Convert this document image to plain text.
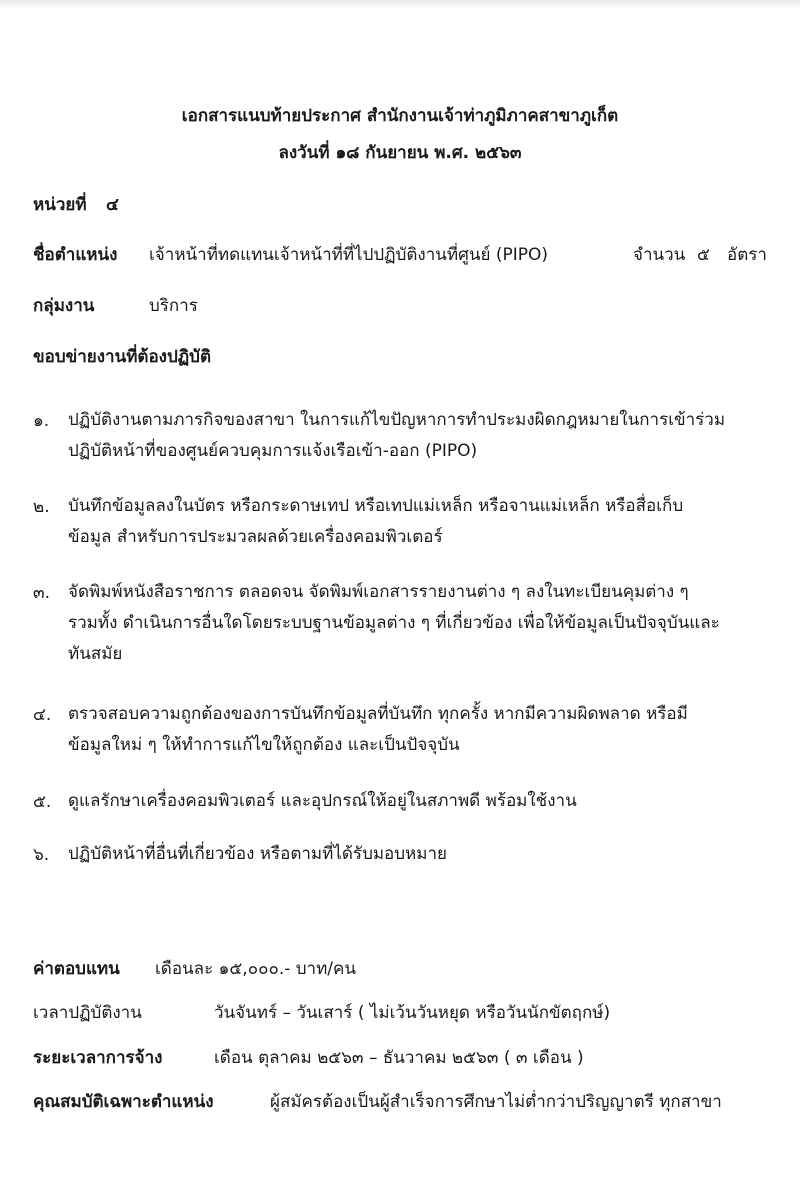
เอกสารแนบท้ายประกาศ สำนักงานเจ้าท่าภูมิภาคสาขาภูเก็ต
ลงวันที่ ๑๘ กันยายน พ.ศ. ๒๕๖๓
หน่วยที่ ๔
ชื่อตำแหน่ง เจ้าหน้าที่ทดแทนเจ้าหน้าที่ที่ไปปฏิบัติงานที่ศูนย์ (PIPO)	จำนวน ๕ อัตรา
กลุ่มงาน	บริการ
ขอบข่ายงานที่ต้องปฏิบัติ
๑. ปฏิบัติงานตามภารกิจของสาขา ในการแก้ไขปัญหาการทำประมงผิดกฎหมายในการเข้าร่วม
ปฏิบัติหน้าที่ของศูนย์ควบคุมการแจ้งเรือเข้า-ออก (PIPO)
๒. บันทึกข้อมูลลงในบัตร หรือกระดาษเทป หรือเทปแม่เหล็ก หรือจานแม่เหล็ก หรือสื่อเก็บ
ข้อมูล สำหรับการประมวลผลด้วยเครื่องคอมพิวเตอร์
๓. จัดพิมพ์หนังสือราชการ ตลอดจน จัดพิมพ์เอกสารรายงานต่าง ๆ ลงในทะเบียนคุมต่าง ๆ
รวมทั้ง ดำเนินการอื่นใดโดยระบบฐานข้อมูลต่าง ๆ ที่เกี่ยวข้อง เพื่อให้ข้อมูลเป็นปัจจุบันและ
ทันสมัย
๔. ตรวจสอบความถูกต้องของการบันทึกข้อมูลที่บันทึก ทุกครั้ง หากมีความผิดพลาด หรือมี
ข้อมูลใหม่ ๆ ให้ทำการแก้ไขให้ถูกต้อง และเป็นปัจจุบัน
๕. ดูแลรักษาเครื่องคอมพิวเตอร์ และอุปกรณ์ให้อยู่ในสภาพดี พร้อมใช้งาน
๖. ปฏิบัติหน้าที่อื่นที่เกี่ยวข้อง หรือตามที่ได้รับมอบหมาย
ค่าตอบแทน เดือนละ ๑๕,๐๐๐.- บาท/คน
เวลาปฏิบัติงาน	วันจันทร์ – วันเสาร์ ( ไม่เว้นวันหยุด หรือวันนักขัตฤกษ์)
ระยะเวลาการจ้าง	เดือน ตุลาคม ๒๕๖๓ – ธันวาคม ๒๕๖๓ ( ๓ เดือน )
คุณสมบัติเฉพาะตำแหน่ง	ผู้สมัครต้องเป็นผู้สำเร็จการศึกษาไม่ต่ำกว่าปริญญาตรี ทุกสาขา
